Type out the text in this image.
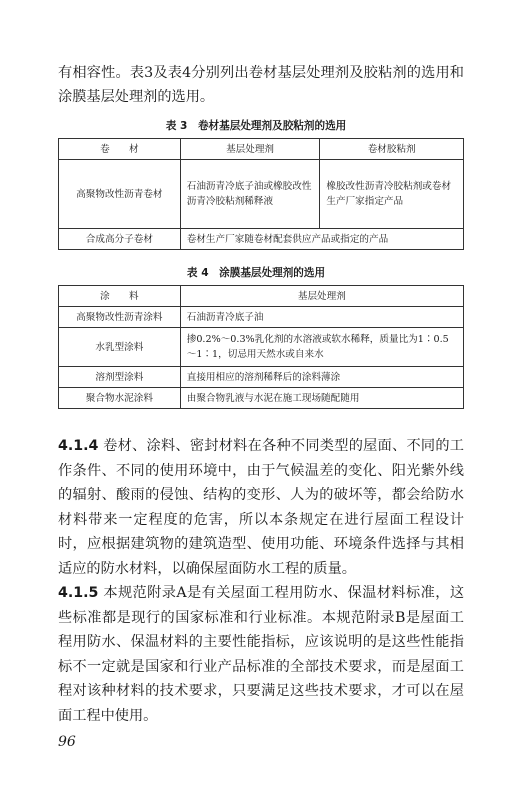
有相容性。表3及表4分别列出卷材基层处理剂及胶粘剂的选用和涂膜基层处理剂的选用。
表 3　卷材基层处理剂及胶粘剂的选用
卷　　材	基层处理剂	卷材胶粘剂
高聚物改性沥青卷材	石油沥青冷底子油或橡胶改性沥青冷胶粘剂稀释液	橡胶改性沥青冷胶粘剂或卷材生产厂家指定产品
合成高分子卷材	卷材生产厂家随卷材配套供应产品或指定的产品	
表 4　涂膜基层处理剂的选用
涂　　料	基层处理剂
高聚物改性沥青涂料	石油沥青冷底子油
水乳型涂料	掺0.2%～0.3%乳化剂的水溶液或软水稀释，质量比为1∶0.5～1∶1，切忌用天然水或自来水
溶剂型涂料	直接用相应的溶剂稀释后的涂料薄涂
聚合物水泥涂料	由聚合物乳液与水泥在施工现场随配随用

4.1.4 卷材、涂料、密封材料在各种不同类型的屋面、不同的工作条件、不同的使用环境中，由于气候温差的变化、阳光紫外线的辐射、酸雨的侵蚀、结构的变形、人为的破坏等，都会给防水材料带来一定程度的危害，所以本条规定在进行屋面工程设计时，应根据建筑物的建筑造型、使用功能、环境条件选择与其相适应的防水材料，以确保屋面防水工程的质量。

4.1.5 本规范附录A是有关屋面工程用防水、保温材料标准，这些标准都是现行的国家标准和行业标准。本规范附录B是屋面工程用防水、保温材料的主要性能指标，应该说明的是这些性能指标不一定就是国家和行业产品标准的全部技术要求，而是屋面工程对该种材料的技术要求，只要满足这些技术要求，才可以在屋面工程中使用。

96
